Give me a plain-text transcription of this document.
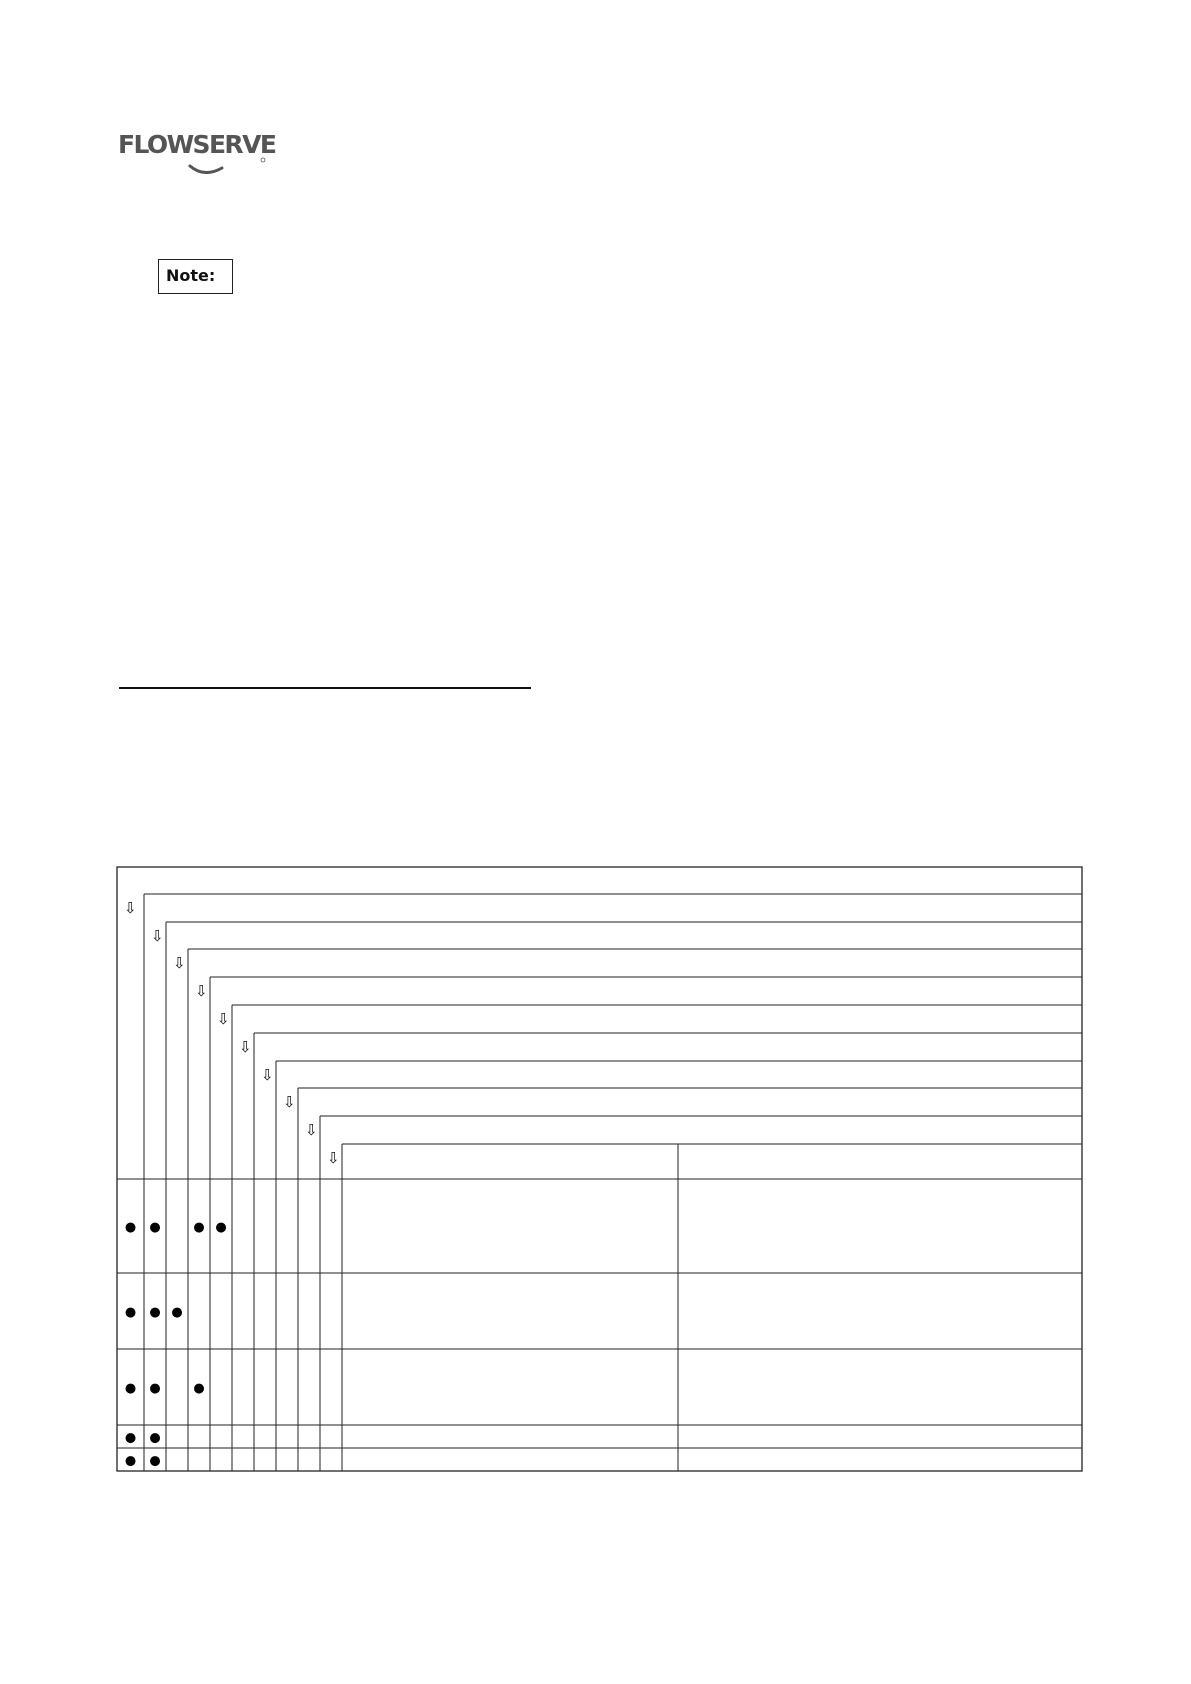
FLOWSERVE
Note:
⇩
⇩
⇩
⇩
⇩
⇩
⇩
⇩
⇩
⇩
● ●	● ●
● ● ●
● ●	●
● ●
● ●
